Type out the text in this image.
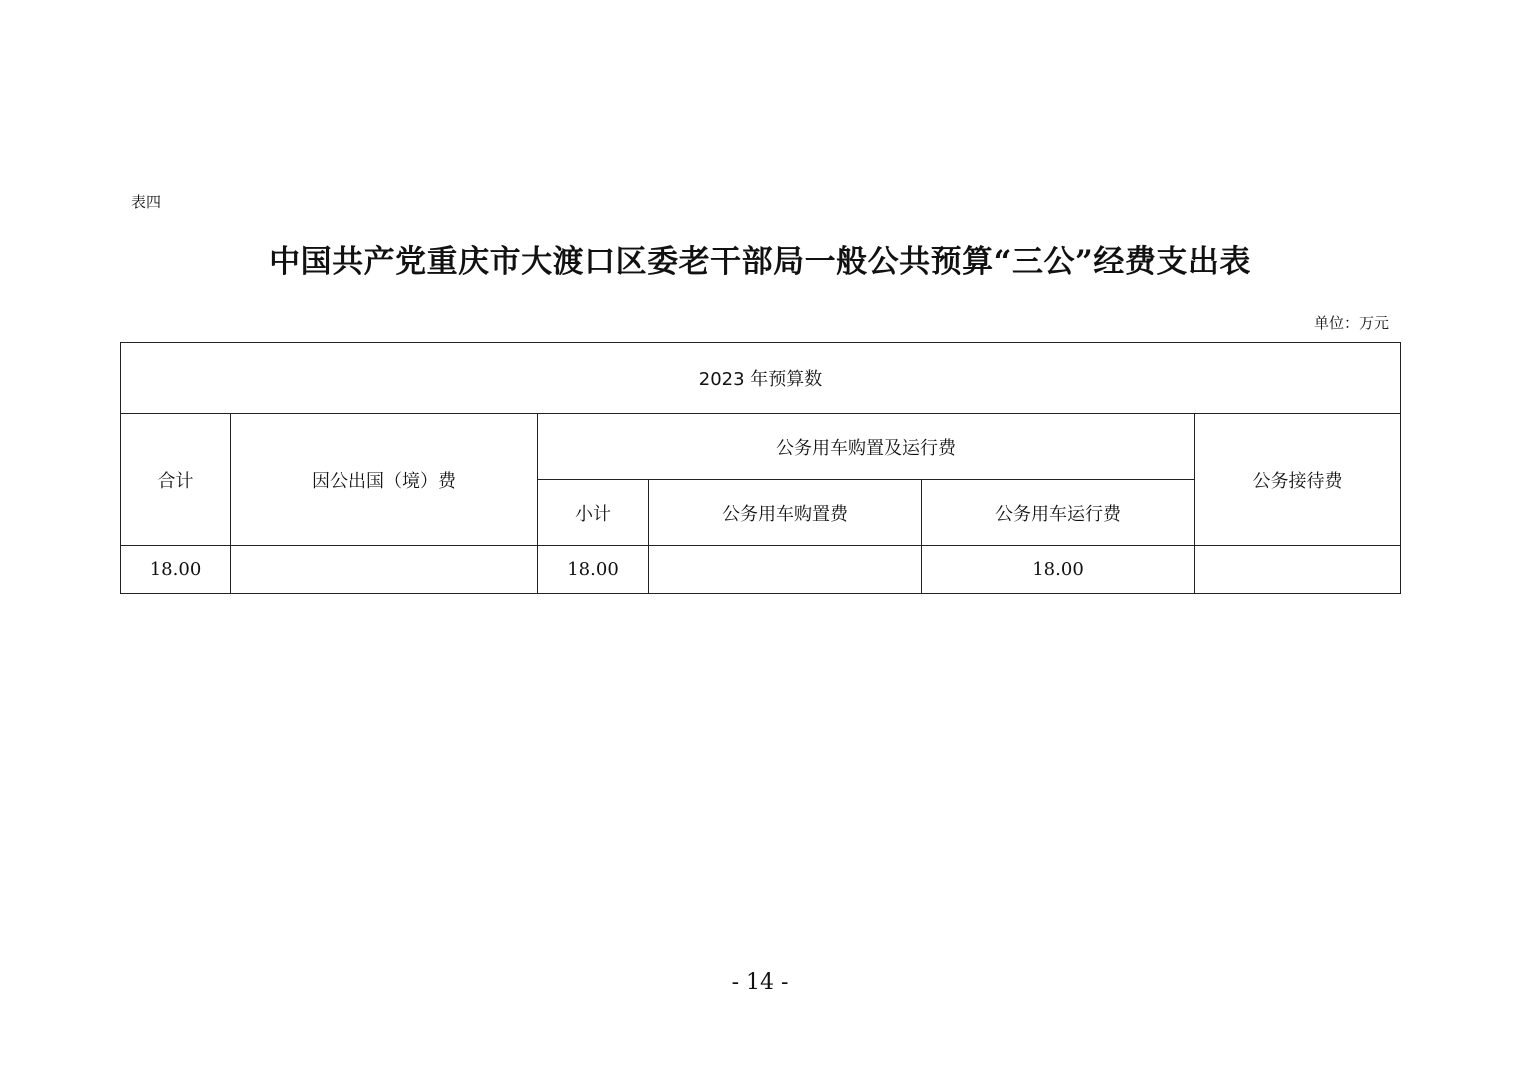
表四
中国共产党重庆市大渡口区委老干部局一般公共预算“三公”经费支出表
单位：万元
2023 年预算数					
合计	因公出国（境）费	公务用车购置及运行费			公务接待费
		小计	公务用车购置费	公务用车运行费	
18.00		18.00		18.00	
- 14 -
